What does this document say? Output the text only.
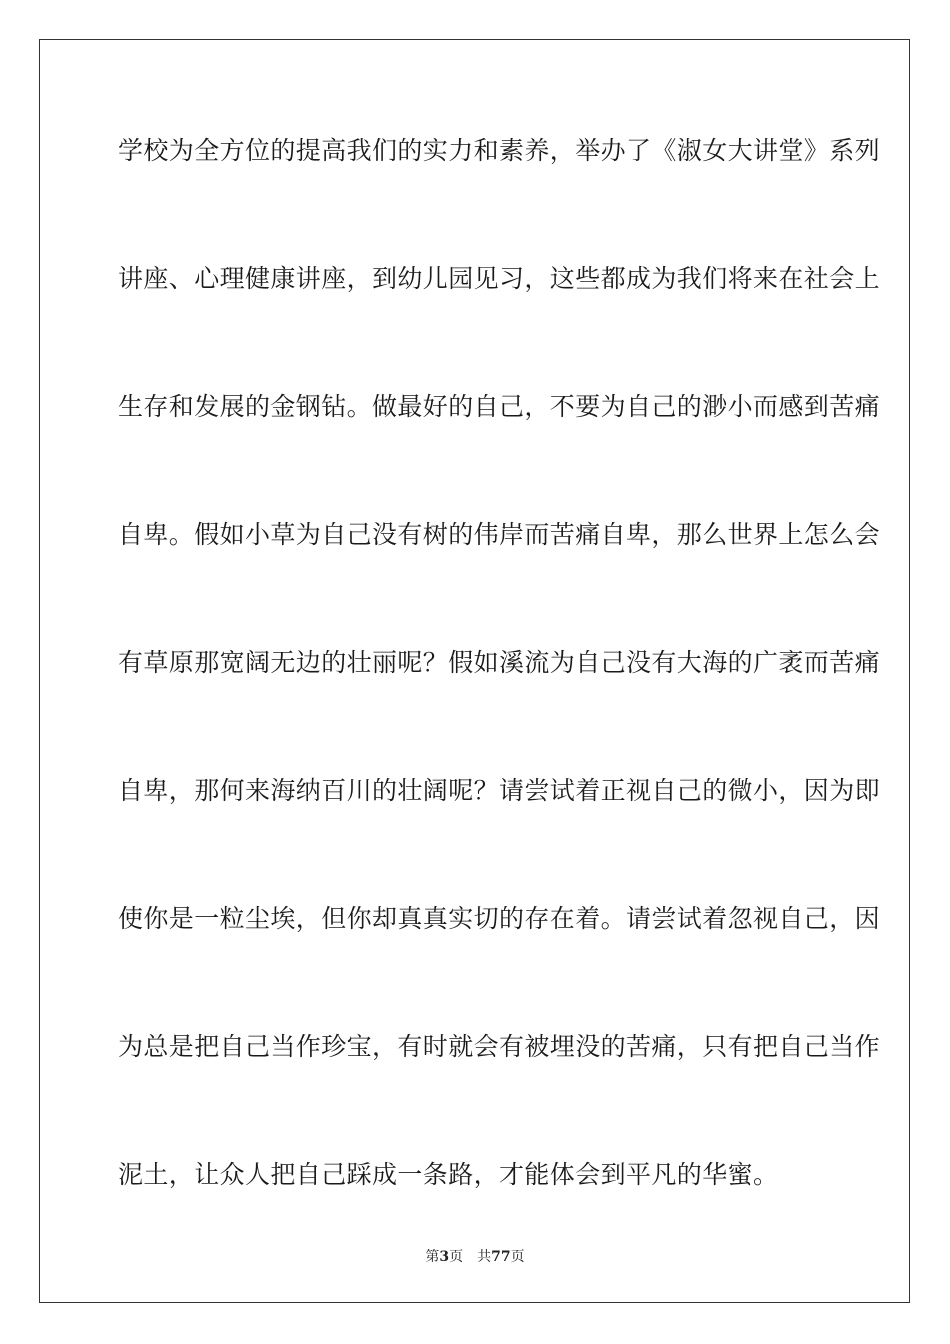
学校为全方位的提高我们的实力和素养，举办了《淑女大讲堂》系列
讲座、心理健康讲座，到幼儿园见习，这些都成为我们将来在社会上
生存和发展的金钢钻。做最好的自己，不要为自己的渺小而感到苦痛
自卑。假如小草为自己没有树的伟岸而苦痛自卑，那么世界上怎么会
有草原那宽阔无边的壮丽呢？假如溪流为自己没有大海的广袤而苦痛
自卑，那何来海纳百川的壮阔呢？请尝试着正视自己的微小，因为即
使你是一粒尘埃，但你却真真实切的存在着。请尝试着忽视自己，因
为总是把自己当作珍宝，有时就会有被埋没的苦痛，只有把自己当作
泥土，让众人把自己踩成一条路，才能体会到平凡的华蜜。
第3页 共77页
